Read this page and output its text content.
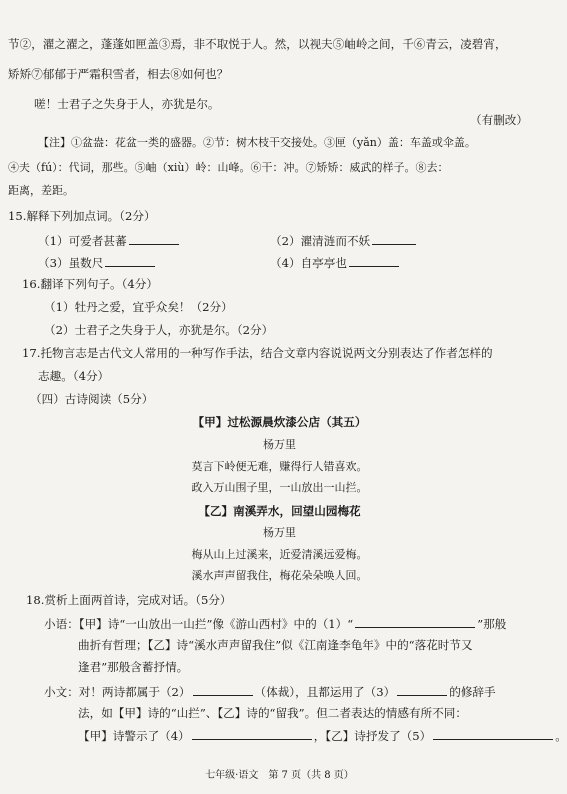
节②，濯之濯之，蓬蓬如匣盖③焉，非不取悦于人。然，以视夫⑤岫岭之间，千⑥青云，凌碧宵，
矫矫⑦郁郁于严霜积雪者，相去⑧如何也？
嗟！士君子之失身于人，亦犹是尔。
（有删改）
【注】①盆盎：花盆一类的盛器。②节：树木枝干交接处。③匣（yǎn）盖：车盖或伞盖。
④夫（fú）：代词，那些。⑤岫（xiù）岭：山峰。⑥干：冲。⑦矫矫：威武的样子。⑧去：
距离，差距。
15.解释下列加点词。（2分）
（1）可爱者甚蕃	（2）濯清涟而不妖
（3）虽数尺	（4）自亭亭也
16.翻译下列句子。（4分）
（1）牡丹之爱，宜乎众矣！（2分）
（2）士君子之失身于人，亦犹是尔。（2分）
17.托物言志是古代文人常用的一种写作手法，结合文章内容说说两文分别表达了作者怎样的
志趣。（4分）
（四）古诗阅读（5分）
【甲】过松源晨炊漆公店（其五）
杨万里
莫言下岭便无难，赚得行人错喜欢。
政入万山围子里，一山放出一山拦。
【乙】南溪弄水，回望山园梅花
杨万里
梅从山上过溪来，近爱清溪远爱梅。
溪水声声留我住，梅花朵朵唤人回。
18.赏析上面两首诗，完成对话。（5分）
小语：【甲】诗“一山放出一山拦”像《游山西村》中的（1）“	”那般
曲折有哲理；【乙】诗“溪水声声留我住”似《江南逢李龟年》中的“落花时节又
逢君”那般含蓄抒情。
小文：对！两诗都属于（2）	（体裁），且都运用了（3）	的修辞手
法，如【甲】诗的“山拦”、【乙】诗的“留我”。但二者表达的情感有所不同：
【甲】诗警示了（4）	，【乙】诗抒发了（5）	。
七年级·语文　第 7 页（共 8 页）
